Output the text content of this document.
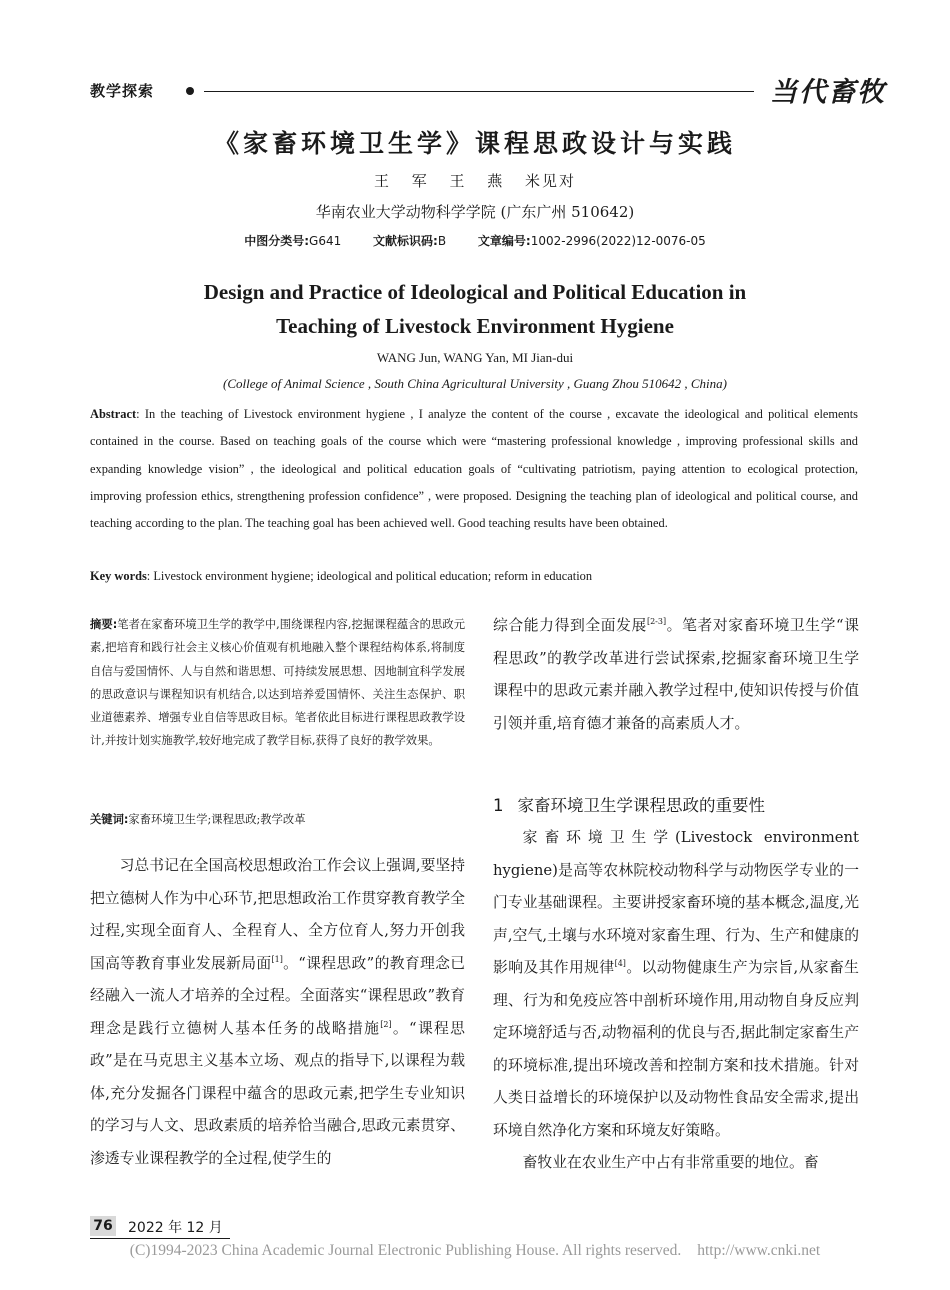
教学探索	当代畜牧
《家畜环境卫生学》课程思政设计与实践
王 军 王 燕 米见对
华南农业大学动物科学学院 (广东广州 510642)
中图分类号:G641	文献标识码:B	文章编号:1002-2996(2022)12-0076-05
Design and Practice of Ideological and Political Education in
Teaching of Livestock Environment Hygiene
WANG Jun, WANG Yan, MI Jian-dui
(College of Animal Science , South China Agricultural University , Guang Zhou 510642 , China)
Abstract: In the teaching of Livestock environment hygiene , I analyze the content of the course , excavate the ideological and political elements contained in the course. Based on teaching goals of the course which were “mastering professional knowledge , improving professional skills and expanding knowledge vision” , the ideological and political education goals of “cultivating patriotism, paying attention to ecological protection, improving profession ethics, strengthening profession confidence” , were proposed. Designing the teaching plan of ideological and political course, and teaching according to the plan. The teaching goal has been achieved well. Good teaching results have been obtained.
Key words: Livestock environment hygiene; ideological and political education; reform in education
摘要:笔者在家畜环境卫生学的教学中,围绕课程内容,挖掘课程蕴含的思政元素,把培育和践行社会主义核心价值观有机地融入整个课程结构体系,将制度自信与爱国情怀、人与自然和谐思想、可持续发展思想、因地制宜科学发展的思政意识与课程知识有机结合,以达到培养爱国情怀、关注生态保护、职业道德素养、增强专业自信等思政目标。笔者依此目标进行课程思政教学设计,并按计划实施教学,较好地完成了教学目标,获得了良好的教学效果。
关键词:家畜环境卫生学;课程思政;教学改革

习总书记在全国高校思想政治工作会议上强调,要坚持把立德树人作为中心环节,把思想政治工作贯穿教育教学全过程,实现全面育人、全程育人、全方位育人,努力开创我国高等教育事业发展新局面[1]。“课程思政”的教育理念已经融入一流人才培养的全过程。全面落实“课程思政”教育理念是践行立德树人基本任务的战略措施[2]。“课程思政”是在马克思主义基本立场、观点的指导下,以课程为载体,充分发掘各门课程中蕴含的思政元素,把学生专业知识的学习与人文、思政素质的培养恰当融合,思政元素贯穿、渗透专业课程教学的全过程,使学生的

综合能力得到全面发展[2-3]。笔者对家畜环境卫生学“课程思政”的教学改革进行尝试探索,挖掘家畜环境卫生学课程中的思政元素并融入教学过程中,使知识传授与价值引领并重,培育德才兼备的高素质人才。

1 家畜环境卫生学课程思政的重要性

家畜环境卫生学(Livestock environment hygiene)是高等农林院校动物科学与动物医学专业的一门专业基础课程。主要讲授家畜环境的基本概念,温度,光声,空气,土壤与水环境对家畜生理、行为、生产和健康的影响及其作用规律[4]。以动物健康生产为宗旨,从家畜生理、行为和免疫应答中剖析环境作用,用动物自身反应判定环境舒适与否,动物福利的优良与否,据此制定家畜生产的环境标准,提出环境改善和控制方案和技术措施。针对人类日益增长的环境保护以及动物性食品安全需求,提出环境自然净化方案和环境友好策略。

畜牧业在农业生产中占有非常重要的地位。畜

76 2022 年 12 月
(C)1994-2023 China Academic Journal Electronic Publishing House. All rights reserved. http://www.cnki.net
